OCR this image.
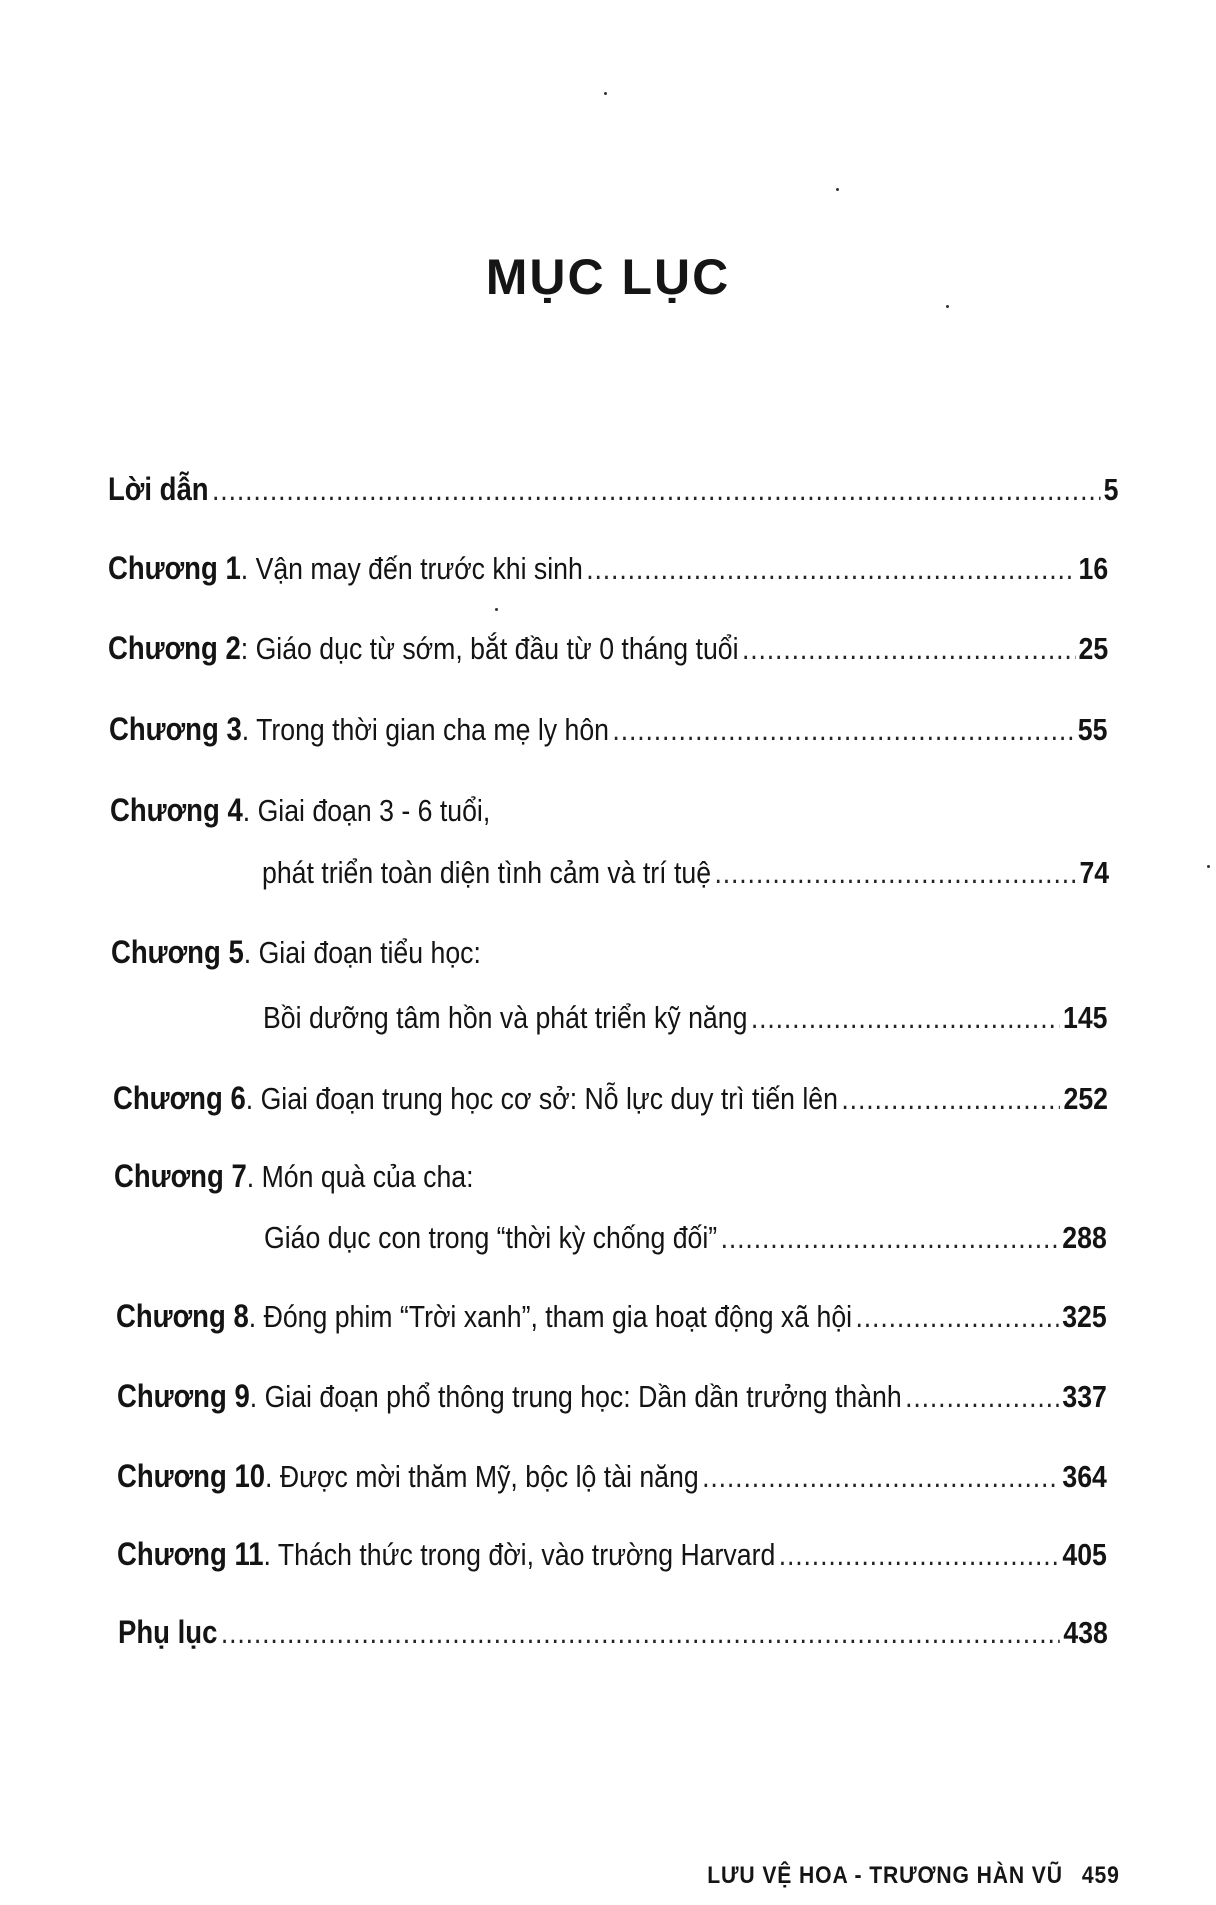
MỤC LỤC
Lời dẫn .....	5
Chương 1 . Vận may đến trước khi sinh .....	16
Chương 2 : Giáo dục từ sớm, bắt đầu từ 0 tháng tuổi .....	25
Chương 3 . Trong thời gian cha mẹ ly hôn .....	55
Chương 4 . Giai đoạn 3 - 6 tuổi,
phát triển toàn diện tình cảm và trí tuệ .....	74
Chương 5 . Giai đoạn tiểu học:
Bồi dưỡng tâm hồn và phát triển kỹ năng .....	145
Chương 6 . Giai đoạn trung học cơ sở: Nỗ lực duy trì tiến lên .....	252
Chương 7 . Món quà của cha:
Giáo dục con trong “thời kỳ chống đối” .....	288
Chương 8 . Đóng phim “Trời xanh”, tham gia hoạt động xã hội .....	325
Chương 9 . Giai đoạn phổ thông trung học: Dần dần trưởng thành .....	337
Chương 10 . Được mời thăm Mỹ, bộc lộ tài năng .....	364
Chương 11 . Thách thức trong đời, vào trường Harvard .....	405
Phụ lục .....	438
LƯU VỆ HOA - TRƯƠNG HÀN VŨ 459
